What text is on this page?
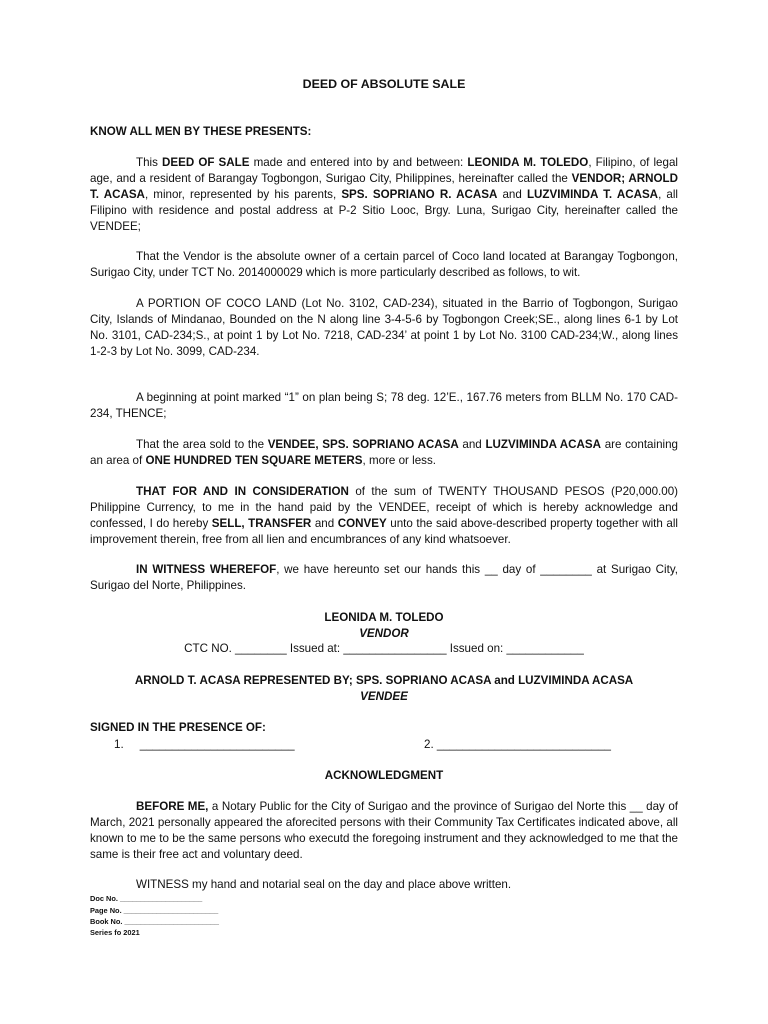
DEED OF ABSOLUTE SALE
KNOW ALL MEN BY THESE PRESENTS:
This DEED OF SALE made and entered into by and between: LEONIDA M. TOLEDO, Filipino, of legal age, and a resident of Barangay Togbongon, Surigao City, Philippines, hereinafter called the VENDOR; ARNOLD T. ACASA, minor, represented by his parents, SPS. SOPRIANO R. ACASA and LUZVIMINDA T. ACASA, all Filipino with residence and postal address at P-2 Sitio Looc, Brgy. Luna, Surigao City, hereinafter called the VENDEE;
That the Vendor is the absolute owner of a certain parcel of Coco land located at Barangay Togbongon, Surigao City, under TCT No. 2014000029 which is more particularly described as follows, to wit.
A PORTION OF COCO LAND (Lot No. 3102, CAD-234), situated in the Barrio of Togbongon, Surigao City, Islands of Mindanao, Bounded on the N along line 3-4-5-6 by Togbongon Creek;SE., along lines 6-1 by Lot No. 3101, CAD-234;S., at point 1 by Lot No. 7218, CAD-234’ at point 1 by Lot No. 3100 CAD-234;W., along lines 1-2-3 by Lot No. 3099, CAD-234.
A beginning at point marked “1” on plan being S; 78 deg. 12’E., 167.76 meters from BLLM No. 170 CAD-234, THENCE;
That the area sold to the VENDEE, SPS. SOPRIANO ACASA and LUZVIMINDA ACASA are containing an area of ONE HUNDRED TEN SQUARE METERS, more or less.
THAT FOR AND IN CONSIDERATION of the sum of TWENTY THOUSAND PESOS (P20,000.00) Philippine Currency, to me in the hand paid by the VENDEE, receipt of which is hereby acknowledge and confessed, I do hereby SELL, TRANSFER and CONVEY unto the said above-described property together with all improvement therein, free from all lien and encumbrances of any kind whatsoever.
IN WITNESS WHEREFOF, we have hereunto set our hands this __ day of ________ at Surigao City, Surigao del Norte, Philippines.
LEONIDA M. TOLEDO
VENDOR
CTC NO. ________ Issued at: ________________ Issued on: ____________
ARNOLD T. ACASA REPRESENTED BY; SPS. SOPRIANO ACASA and LUZVIMINDA ACASA
VENDEE
SIGNED IN THE PRESENCE OF:
1.     ________________________	2. ___________________________
ACKNOWLEDGMENT
BEFORE ME, a Notary Public for the City of Surigao and the province of Surigao del Norte this __ day of March, 2021 personally appeared the aforecited persons with their Community Tax Certificates indicated above, all known to me to be the same persons who executd the foregoing instrument and they acknowledged to me that the same is their free act and voluntary deed.
WITNESS my hand and notarial seal on the day and place above written.
Doc No. ____________________
Page No. _______________________
Book No. _______________________
Series fo 2021
